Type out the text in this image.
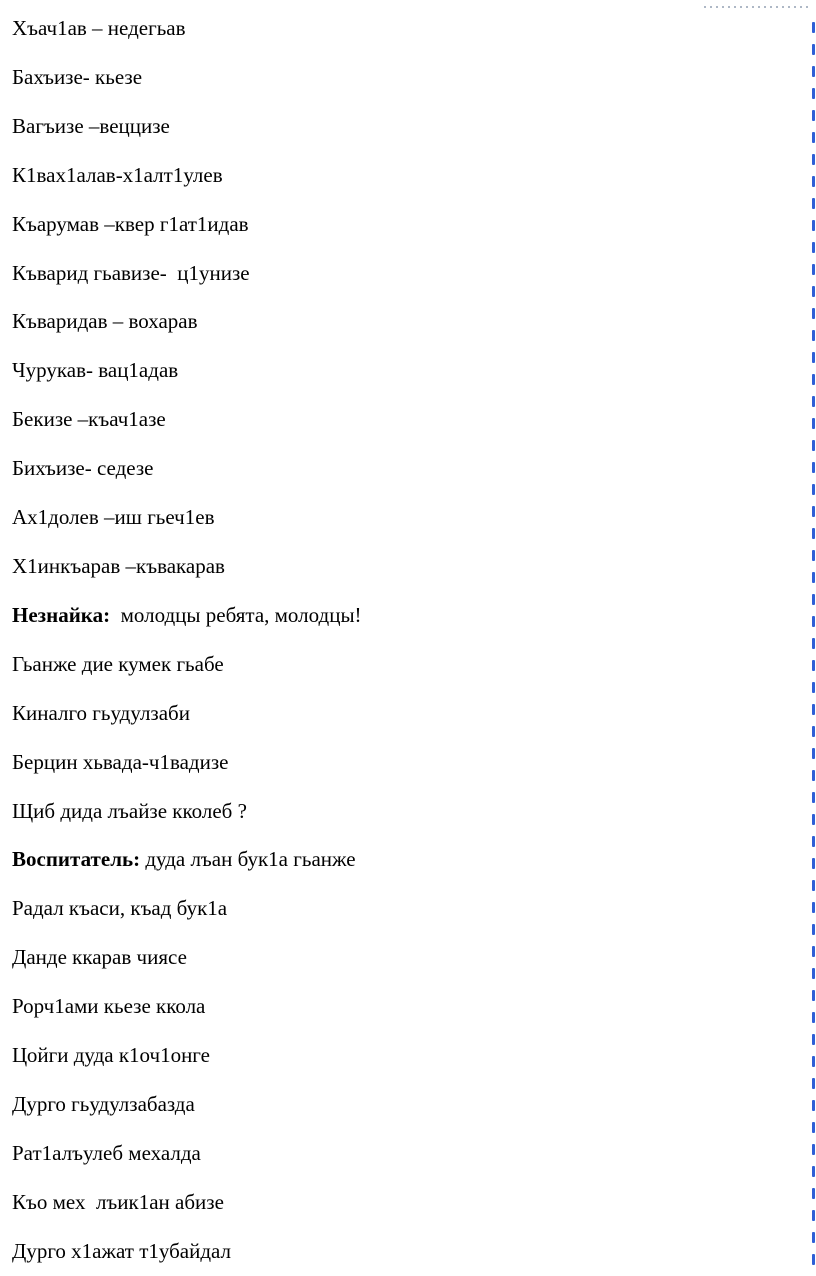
Хъач1ав – недегьав
Бахъизе- кьезе
Вагъизе –веццизе
К1вах1алав-х1алт1улев
Къарумав –квер г1ат1идав
Къварид гьавизе-  ц1унизе
Къваридав – вохарав
Чурукав- вац1адав
Бекизе –къач1азе
Бихъизе- седезе
Ах1долев –иш гьеч1ев
Х1инкъарав –къвакарав
Незнайка:  молодцы ребята, молодцы!
Гьанже дие кумек гьабе
Киналго гьудулзаби
Берцин хьвада-ч1вадизе
Щиб дида лъайзе кколеб ?
Воспитатель: дуда лъан бук1а гьанже
Радал къаси, къад бук1а
Данде ккарав чиясе
Рорч1ами кьезе ккола
Цойги дуда к1оч1онге
Дурго гьудулзабазда
Рат1алъулеб мехалда
Къо мех  лъик1ан абизе
Дурго х1ажат т1убайдал
